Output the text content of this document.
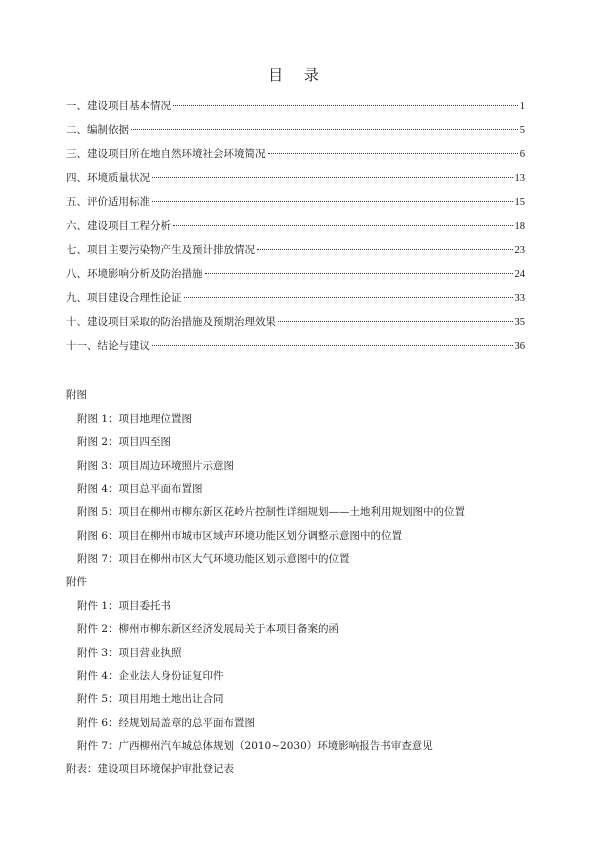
目 录
一、建设项目基本情况	1
二、编制依据	5
三、建设项目所在地自然环境社会环境简况	6
四、环境质量状况	13
五、评价适用标准	15
六、建设项目工程分析	18
七、项目主要污染物产生及预计排放情况	23
八、环境影响分析及防治措施	24
九、项目建设合理性论证	33
十、建设项目采取的防治措施及预期治理效果	35
十一、结论与建议	36
附图
附图 1：项目地理位置图
附图 2：项目四至图
附图 3：项目周边环境照片示意图
附图 4：项目总平面布置图
附图 5：项目在柳州市柳东新区花岭片控制性详细规划——土地利用规划图中的位置
附图 6：项目在柳州市城市区域声环境功能区划分调整示意图中的位置
附图 7：项目在柳州市区大气环境功能区划示意图中的位置
附件
附件 1：项目委托书
附件 2：柳州市柳东新区经济发展局关于本项目备案的函
附件 3：项目营业执照
附件 4：企业法人身份证复印件
附件 5：项目用地土地出让合同
附件 6：经规划局盖章的总平面布置图
附件 7：广西柳州汽车城总体规划（2010~2030）环境影响报告书审查意见
附表：建设项目环境保护审批登记表
